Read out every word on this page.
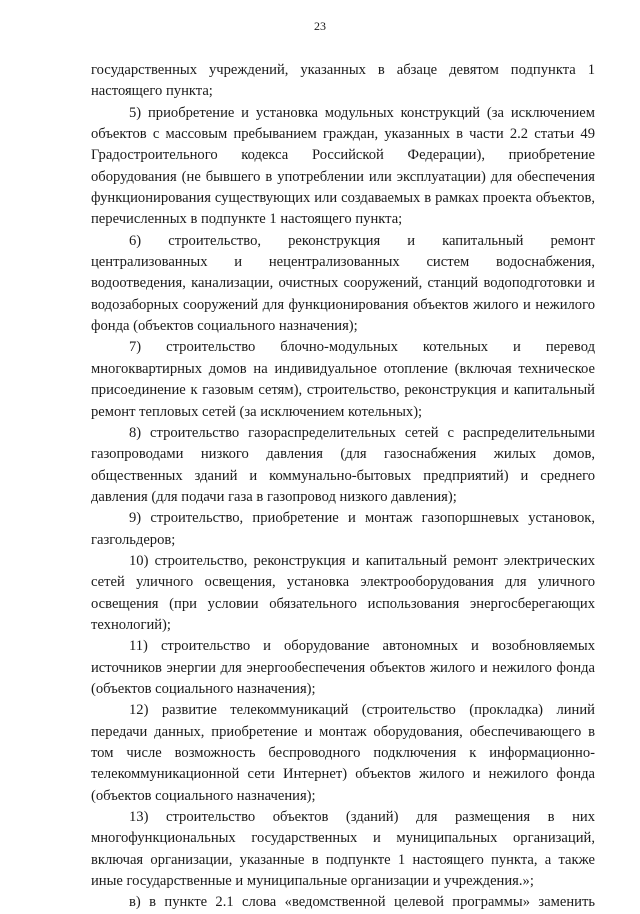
23

государственных учреждений, указанных в абзаце девятом подпункта 1 настоящего пункта;

5) приобретение и установка модульных конструкций (за исключением объектов с массовым пребыванием граждан, указанных в части 2.2 статьи 49 Градостроительного кодекса Российской Федерации), приобретение оборудования (не бывшего в употреблении или эксплуатации) для обеспечения функционирования существующих или создаваемых в рамках проекта объектов, перечисленных в подпункте 1 настоящего пункта;

6) строительство, реконструкция и капитальный ремонт централизованных и нецентрализованных систем водоснабжения, водоотведения, канализации, очистных сооружений, станций водоподготовки и водозаборных сооружений для функционирования объектов жилого и нежилого фонда (объектов социального назначения);

7) строительство блочно-модульных котельных и перевод многоквартирных домов на индивидуальное отопление (включая техническое присоединение к газовым сетям), строительство, реконструкция и капитальный ремонт тепловых сетей (за исключением котельных);

8) строительство газораспределительных сетей с распределительными газопроводами низкого давления (для газоснабжения жилых домов, общественных зданий и коммунально-бытовых предприятий) и среднего давления (для подачи газа в газопровод низкого давления);

9) строительство, приобретение и монтаж газопоршневых установок, газгольдеров;

10) строительство, реконструкция и капитальный ремонт электрических сетей уличного освещения, установка электрооборудования для уличного освещения (при условии обязательного использования энергосберегающих технологий);

11) строительство и оборудование автономных и возобновляемых источников энергии для энергообеспечения объектов жилого и нежилого фонда (объектов социального назначения);

12) развитие телекоммуникаций (строительство (прокладка) линий передачи данных, приобретение и монтаж оборудования, обеспечивающего в том числе возможность беспроводного подключения к информационно-телекоммуникационной сети Интернет) объектов жилого и нежилого фонда (объектов социального назначения);

13) строительство объектов (зданий) для размещения в них многофункциональных государственных и муниципальных организаций, включая организации, указанные в подпункте 1 настоящего пункта, а также иные государственные и муниципальные организации и учреждения.»;

в) в пункте 2.1 слова «ведомственной целевой программы» заменить
